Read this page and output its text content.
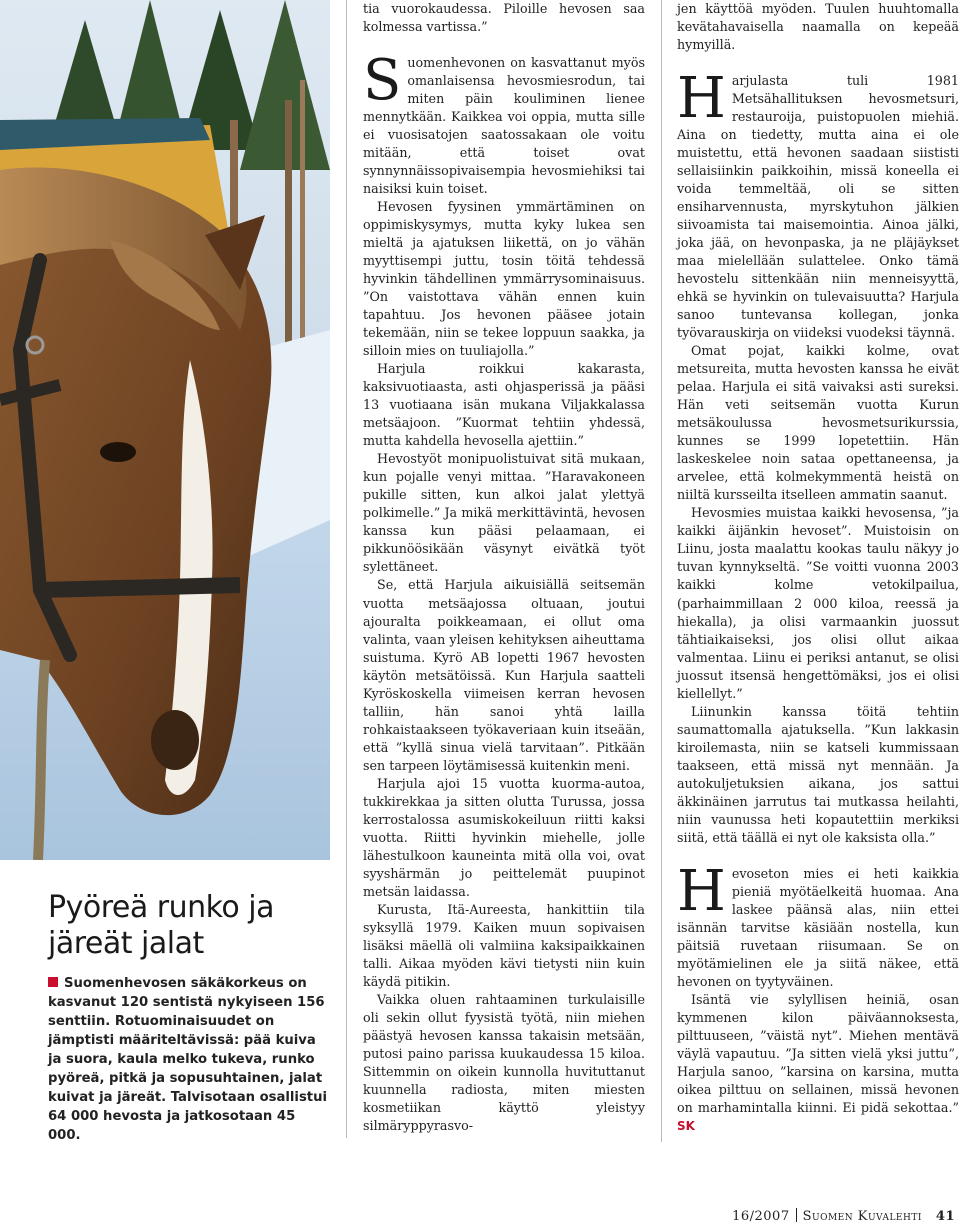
Pyöreä runko ja järeät jalat

Suomenhevosen säkäkorkeus on kasvanut 120 sentistä nykyiseen 156 senttiin. Rotuominaisuudet on jämptisti määriteltävissä: pää kuiva ja suora, kaula melko tukeva, runko pyöreä, pitkä ja sopusuhtainen, jalat kuivat ja järeät. Talvisotaan osallistui 64 000 hevosta ja jatkosotaan 45 000.

tia vuorokaudessa. Piloille hevosen saa kolmessa vartissa.”

Suomenhevonen on kasvattanut myös omanlaisensa hevosmiesrodun, tai miten päin kouliminen lienee mennytkään. Kaikkea voi oppia, mutta sille ei vuosisatojen saatossakaan ole voitu mitään, että toiset ovat synnynnäissopivaisempia hevosmiehiksi tai naisiksi kuin toiset.

Hevosen fyysinen ymmärtäminen on oppimiskysymys, mutta kyky lukea sen mieltä ja ajatuksen liikettä, on jo vähän myyttisempi juttu, tosin töitä tehdessä hyvinkin tähdellinen ymmärrysominaisuus. ”On vaistottava vähän ennen kuin tapahtuu. Jos hevonen pääsee jotain tekemään, niin se tekee loppuun saakka, ja silloin mies on tuuliajolla.”

Harjula roikkui kakarasta, kaksivuotiaasta, asti ohjasperissä ja pääsi 13 vuotiaana isän mukana Viljakkalassa metsäajoon. ”Kuormat tehtiin yhdessä, mutta kahdella hevosella ajettiin.”

Hevostyöt monipuolistuivat sitä mukaan, kun pojalle venyi mittaa. ”Haravakoneen pukille sitten, kun alkoi jalat ylettyä polkimelle.” Ja mikä merkittävintä, hevosen kanssa kun pääsi pelaamaan, ei pikkunöösikään väsynyt eivätkä työt sylettäneet.

Se, että Harjula aikuisiällä seitsemän vuotta metsäajossa oltuaan, joutui ajouralta poikkeamaan, ei ollut oma valinta, vaan yleisen kehityksen aiheuttama suistuma. Kyrö AB lopetti 1967 hevosten käytön metsätöissä. Kun Harjula saatteli Kyröskoskella viimeisen kerran hevosen talliin, hän sanoi yhtä lailla rohkaistaakseen työkaveriaan kuin itseään, että ”kyllä sinua vielä tarvitaan”. Pitkään sen tarpeen löytämisessä kuitenkin meni.

Harjula ajoi 15 vuotta kuorma-autoa, tukkirekkaa ja sitten olutta Turussa, jossa kerrostalossa asumiskokeiluun riitti kaksi vuotta. Riitti hyvinkin miehelle, jolle lähestulkoon kauneinta mitä olla voi, ovat syyshärmän jo peittelemät puupinot metsän laidassa.

Kurusta, Itä-Aureesta, hankittiin tila syksyllä 1979. Kaiken muun sopivaisen lisäksi mäellä oli valmiina kaksipaikkainen talli. Aikaa myöden kävi tietysti niin kuin käydä pitikin.

Vaikka oluen rahtaaminen turkulaisille oli sekin ollut fyysistä työtä, niin miehen päästyä hevosen kanssa takaisin metsään, putosi paino parissa kuukaudessa 15 kiloa. Sittemmin on oikein kunnolla huvituttanut kuunnella radiosta, miten miesten kosmetiikan käyttö yleistyy silmäryppyrasvo-

jen käyttöä myöden. Tuulen huuhtomalla kevätahavaisella naamalla on kepeää hymyillä.

Harjulasta tuli 1981 Metsähallituksen hevosmetsuri, restauroija, puistopuolen miehiä. Aina on tiedetty, mutta aina ei ole muistettu, että hevonen saadaan siististi sellaisiinkin paikkoihin, missä koneella ei voida temmeltää, oli se sitten ensiharvennusta, myrskytuhon jälkien siivoamista tai maisemointia. Ainoa jälki, joka jää, on hevonpaska, ja ne pläjäykset maa mielellään sulattelee. Onko tämä hevostelu sittenkään niin menneisyyttä, ehkä se hyvinkin on tulevaisuutta? Harjula sanoo tuntevansa kollegan, jonka työvarauskirja on viideksi vuodeksi täynnä.

Omat pojat, kaikki kolme, ovat metsureita, mutta hevosten kanssa he eivät pelaa. Harjula ei sitä vaivaksi asti sureksi. Hän veti seitsemän vuotta Kurun metsäkoulussa hevosmetsurikurssia, kunnes se 1999 lopetettiin. Hän laskeskelee noin sataa opettaneensa, ja arvelee, että kolmekymmentä heistä on niiltä kursseilta itselleen ammatin saanut.

Hevosmies muistaa kaikki hevosensa, ”ja kaikki äijänkin hevoset”. Muistoisin on Liinu, josta maalattu kookas taulu näkyy jo tuvan kynnykseltä. ”Se voitti vuonna 2003 kaikki kolme vetokilpailua, (parhaimmillaan 2 000 kiloa, reessä ja hiekalla), ja olisi varmaankin juossut tähtiaikaiseksi, jos olisi ollut aikaa valmentaa. Liinu ei periksi antanut, se olisi juossut itsensä hengettömäksi, jos ei olisi kiellellyt.”

Liinunkin kanssa töitä tehtiin saumattomalla ajatuksella. ”Kun lakkasin kiroilemasta, niin se katseli kummissaan taakseen, että missä nyt mennään. Ja autokuljetuksien aikana, jos sattui äkkinäinen jarrutus tai mutkassa heilahti, niin vaunussa heti kopautettiin merkiksi siitä, että täällä ei nyt ole kaksista olla.”

Hevoseton mies ei heti kaikkia pieniä myötäelkeitä huomaa. Ana laskee päänsä alas, niin ettei isännän tarvitse käsiään nostella, kun päitsiä ruvetaan riisumaan. Se on myötämielinen ele ja siitä näkee, että hevonen on tyytyväinen.

Isäntä vie sylyllisen heiniä, osan kymmenen kilon päiväannoksesta, pilttuuseen, ”väistä nyt”. Miehen mentävä väylä vapautuu. ”Ja sitten vielä yksi juttu”, Harjula sanoo, ”karsina on karsina, mutta oikea pilttuu on sellainen, missä hevonen on marhamintalla kiinni. Ei pidä sekottaa.” SK

16/2007 Suomen Kuvalehti 41
